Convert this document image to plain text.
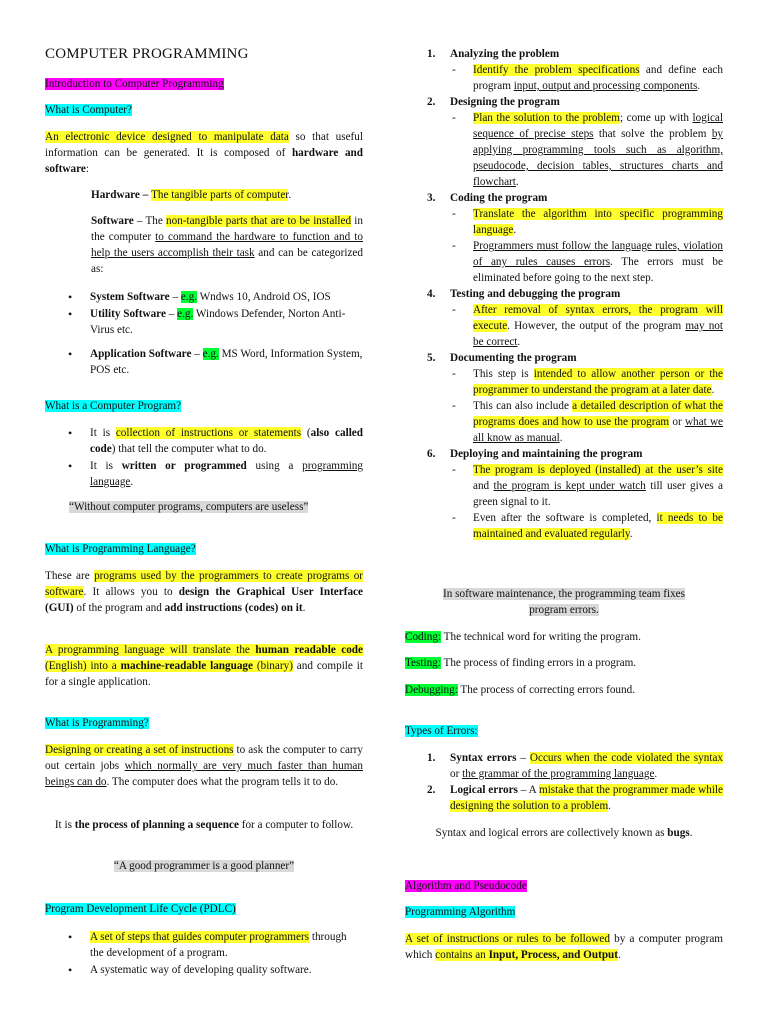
COMPUTER PROGRAMMING
Introduction to Computer Programming
What is Computer?
An electronic device designed to manipulate data so that useful information can be generated. It is composed of hardware and software:
Hardware – The tangible parts of computer.
Software – The non-tangible parts that are to be installed in the computer to command the hardware to function and to help the users accomplish their task and can be categorized as:
• System Software – e.g. Wndws 10, Android OS, IOS
• Utility Software – e.g. Windows Defender, Norton Anti-Virus etc.
• Application Software – e.g. MS Word, Information System, POS etc.
What is a Computer Program?
• It is collection of instructions or statements (also called code) that tell the computer what to do.
• It is written or programmed using a programming language.
“Without computer programs, computers are useless”
What is Programming Language?
These are programs used by the programmers to create programs or software. It allows you to design the Graphical User Interface (GUI) of the program and add instructions (codes) on it.
A programming language will translate the human readable code (English) into a machine-readable language (binary) and compile it for a single application.
What is Programming?
Designing or creating a set of instructions to ask the computer to carry out certain jobs which normally are very much faster than human beings can do. The computer does what the program tells it to do.
It is the process of planning a sequence for a computer to follow.
“A good programmer is a good planner”
Program Development Life Cycle (PDLC)
• A set of steps that guides computer programmers through the development of a program.
• A systematic way of developing quality software.
1. Analyzing the problem
- Identify the problem specifications and define each program input, output and processing components.
2. Designing the program
- Plan the solution to the problem; come up with logical sequence of precise steps that solve the problem by applying programming tools such as algorithm, pseudocode, decision tables, structures charts and flowchart.
3. Coding the program
- Translate the algorithm into specific programming language.
- Programmers must follow the language rules, violation of any rules causes errors. The errors must be eliminated before going to the next step.
4. Testing and debugging the program
- After removal of syntax errors, the program will execute. However, the output of the program may not be correct.
5. Documenting the program
- This step is intended to allow another person or the programmer to understand the program at a later date.
- This can also include a detailed description of what the programs does and how to use the program or what we all know as manual.
6. Deploying and maintaining the program
- The program is deployed (installed) at the user’s site and the program is kept under watch till user gives a green signal to it.
- Even after the software is completed, it needs to be maintained and evaluated regularly.
In software maintenance, the programming team fixes program errors.
Coding: The technical word for writing the program.
Testing: The process of finding errors in a program.
Debugging: The process of correcting errors found.
Types of Errors:
1. Syntax errors – Occurs when the code violated the syntax or the grammar of the programming language.
2. Logical errors – A mistake that the programmer made while designing the solution to a problem.
Syntax and logical errors are collectively known as bugs.
Algorithm and Pseudocode
Programming Algorithm
A set of instructions or rules to be followed by a computer program which contains an Input, Process, and Output.
